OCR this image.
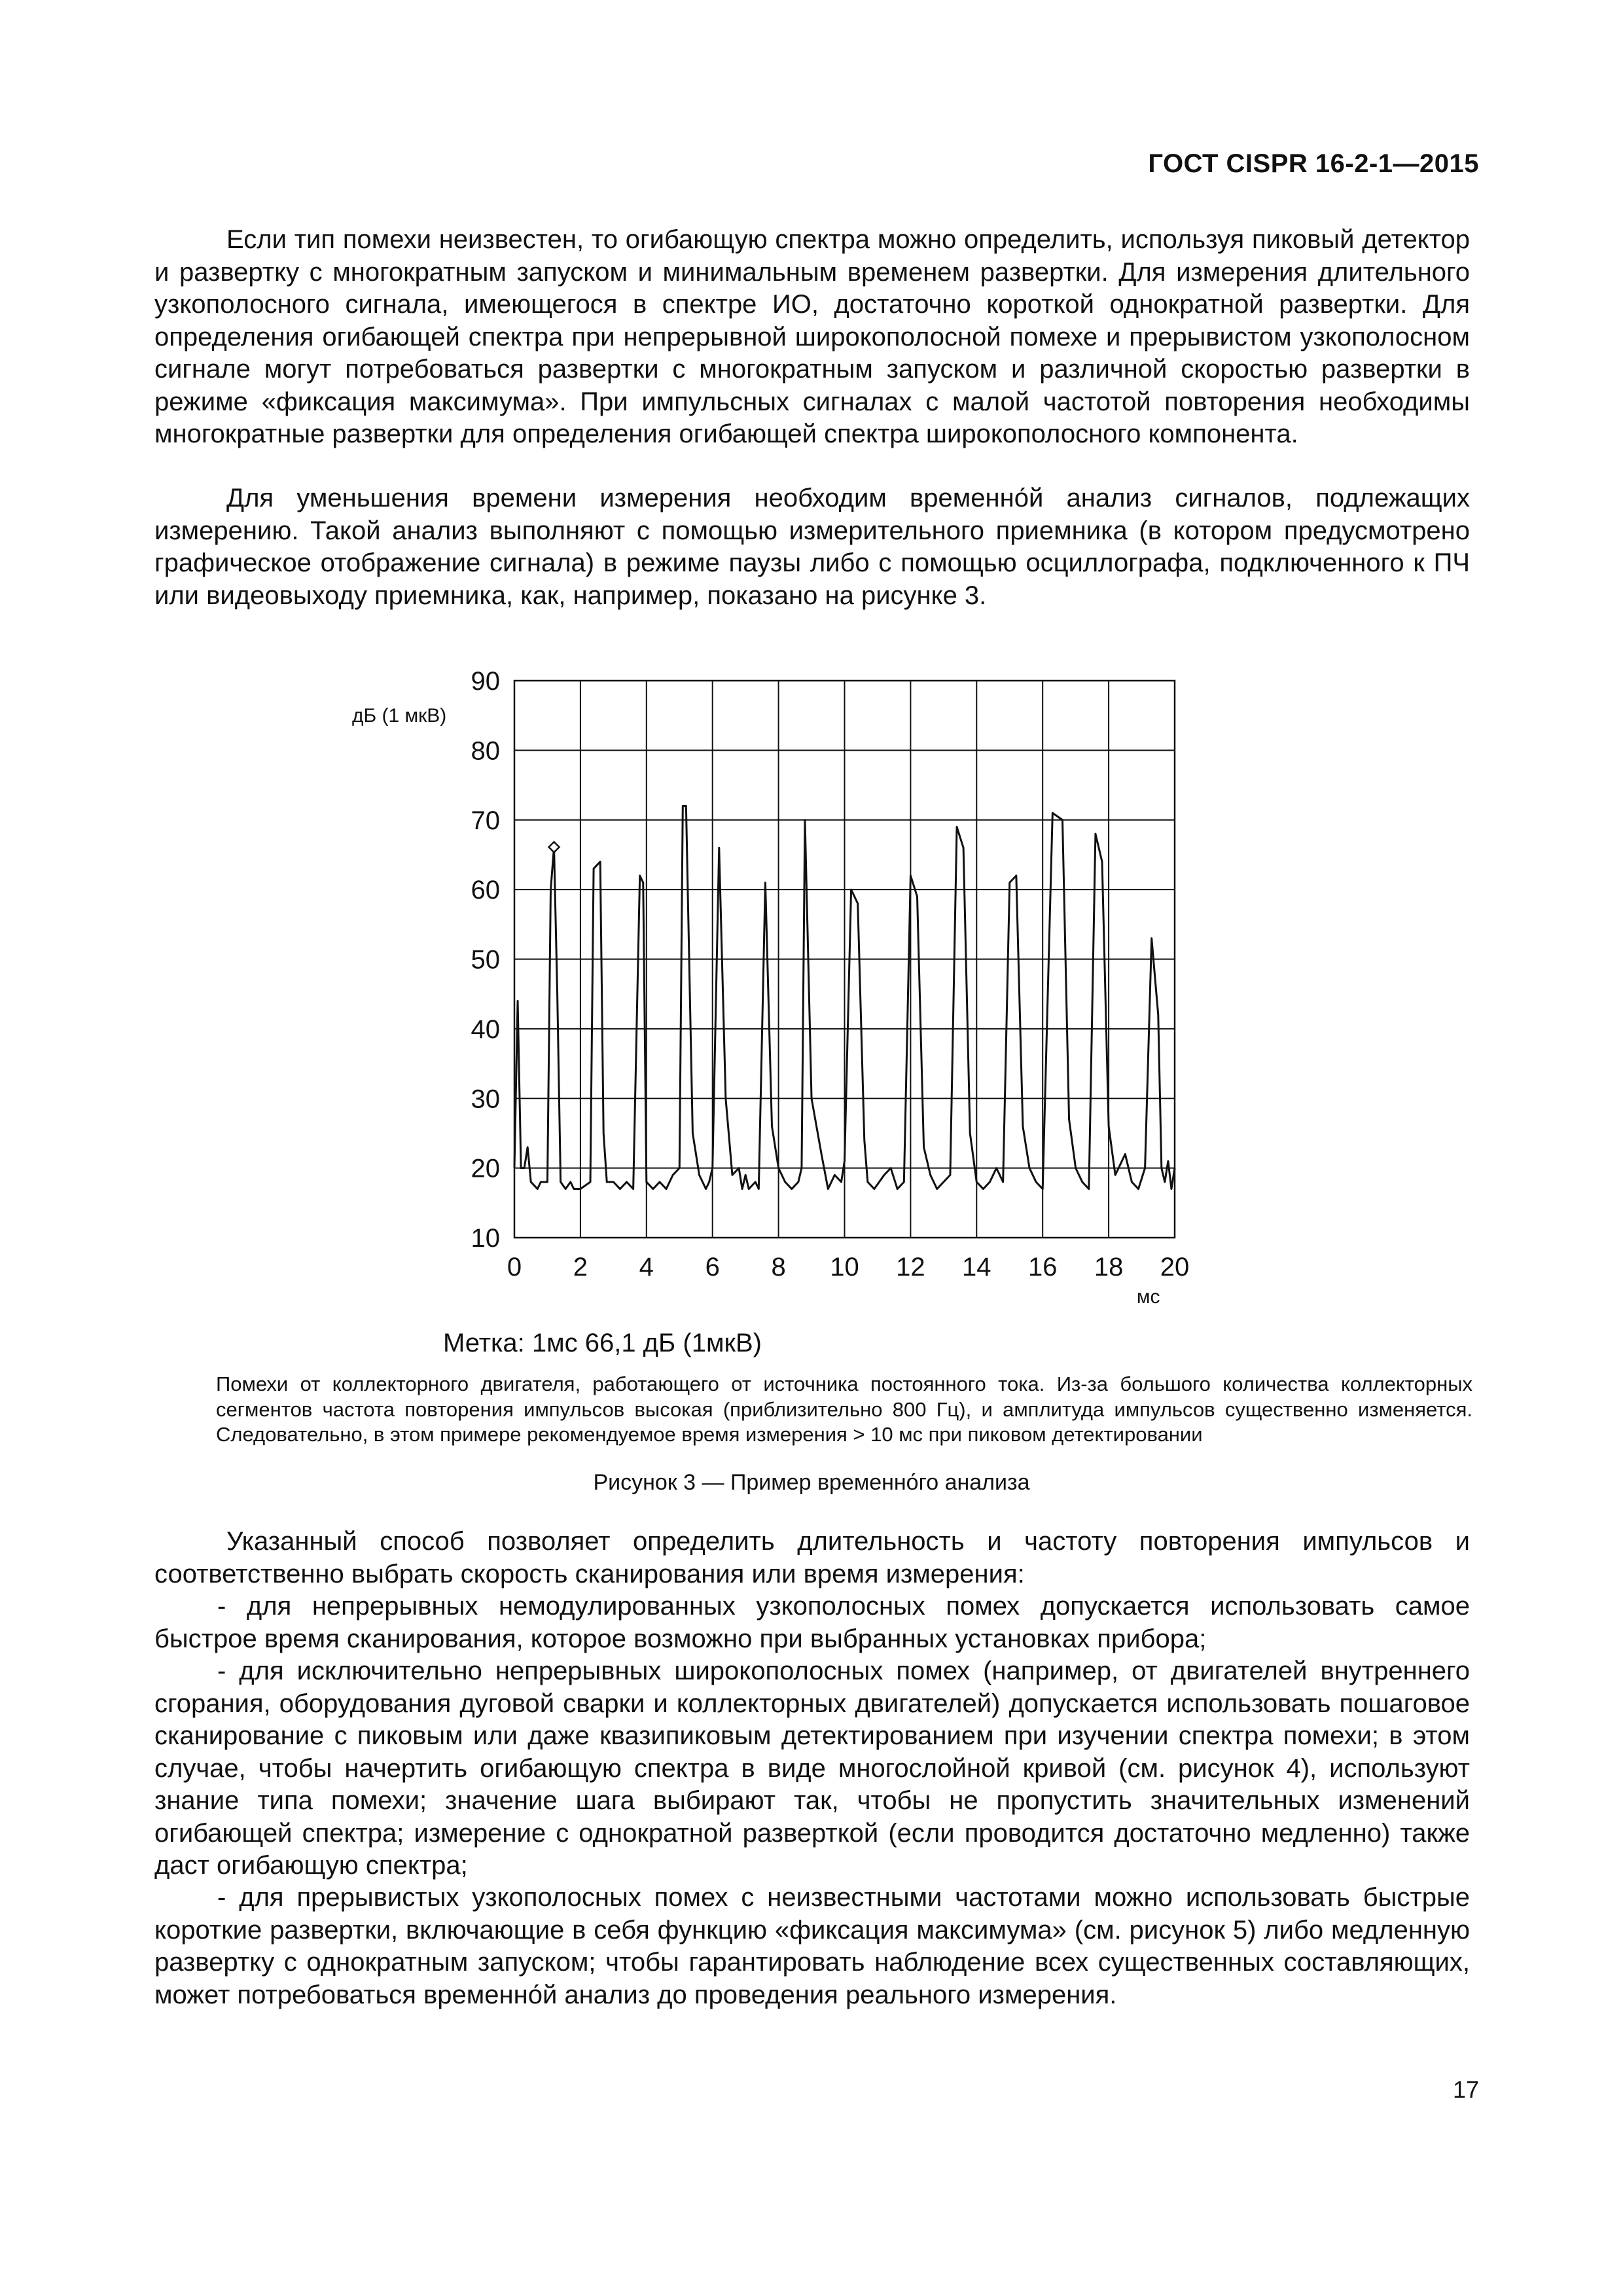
ГОСТ CISPR 16-2-1—2015

Если тип помехи неизвестен, то огибающую спектра можно определить, используя пиковый детектор и развертку с многократным запуском и минимальным временем развертки. Для измерения длительного узкополосного сигнала, имеющегося в спектре ИО, достаточно короткой однократной развертки. Для определения огибающей спектра при непрерывной широкополосной помехе и прерывистом узкополосном сигнале могут потребоваться развертки с многократным запуском и различной скоростью развертки в режиме «фиксация максимума». При импульсных сигналах с малой частотой повторения необходимы многократные развертки для определения огибающей спектра широкополосного компонента.

Для уменьшения времени измерения необходим временно́й анализ сигналов, подлежащих измерению. Такой анализ выполняют с помощью измерительного приемника (в котором предусмотрено графическое отображение сигнала) в режиме паузы либо с помощью осциллографа, подключенного к ПЧ или видеовыходу приемника, как, например, показано на рисунке 3.

0 2 4 6 8 10 12 14 16 18 20
10
20
30
40
50
60
70
80
90
дБ (1 мкВ)
мс
Метка: 1мс 66,1 дБ (1мкВ)

Помехи от коллекторного двигателя, работающего от источника постоянного тока. Из-за большого количества коллекторных сегментов частота повторения импульсов высокая (приблизительно 800 Гц), и амплитуда импульсов существенно изменяется. Следовательно, в этом примере рекомендуемое время измерения > 10 мс при пиковом детектировании

Рисунок 3 — Пример временно́го анализа

Указанный способ позволяет определить длительность и частоту повторения импульсов и соответственно выбрать скорость сканирования или время измерения:

- для непрерывных немодулированных узкополосных помех допускается использовать самое быстрое время сканирования, которое возможно при выбранных установках прибора;

- для исключительно непрерывных широкополосных помех (например, от двигателей внутреннего сгорания, оборудования дуговой сварки и коллекторных двигателей) допускается использовать пошаговое сканирование с пиковым или даже квазипиковым детектированием при изучении спектра помехи; в этом случае, чтобы начертить огибающую спектра в виде многослойной кривой (см. рисунок 4), используют знание типа помехи; значение шага выбирают так, чтобы не пропустить значительных изменений огибающей спектра; измерение с однократной разверткой (если проводится достаточно медленно) также даст огибающую спектра;

- для прерывистых узкополосных помех с неизвестными частотами можно использовать быстрые короткие развертки, включающие в себя функцию «фиксация максимума» (см. рисунок 5) либо медленную развертку с однократным запуском; чтобы гарантировать наблюдение всех существенных составляющих, может потребоваться временно́й анализ до проведения реального измерения.

17
